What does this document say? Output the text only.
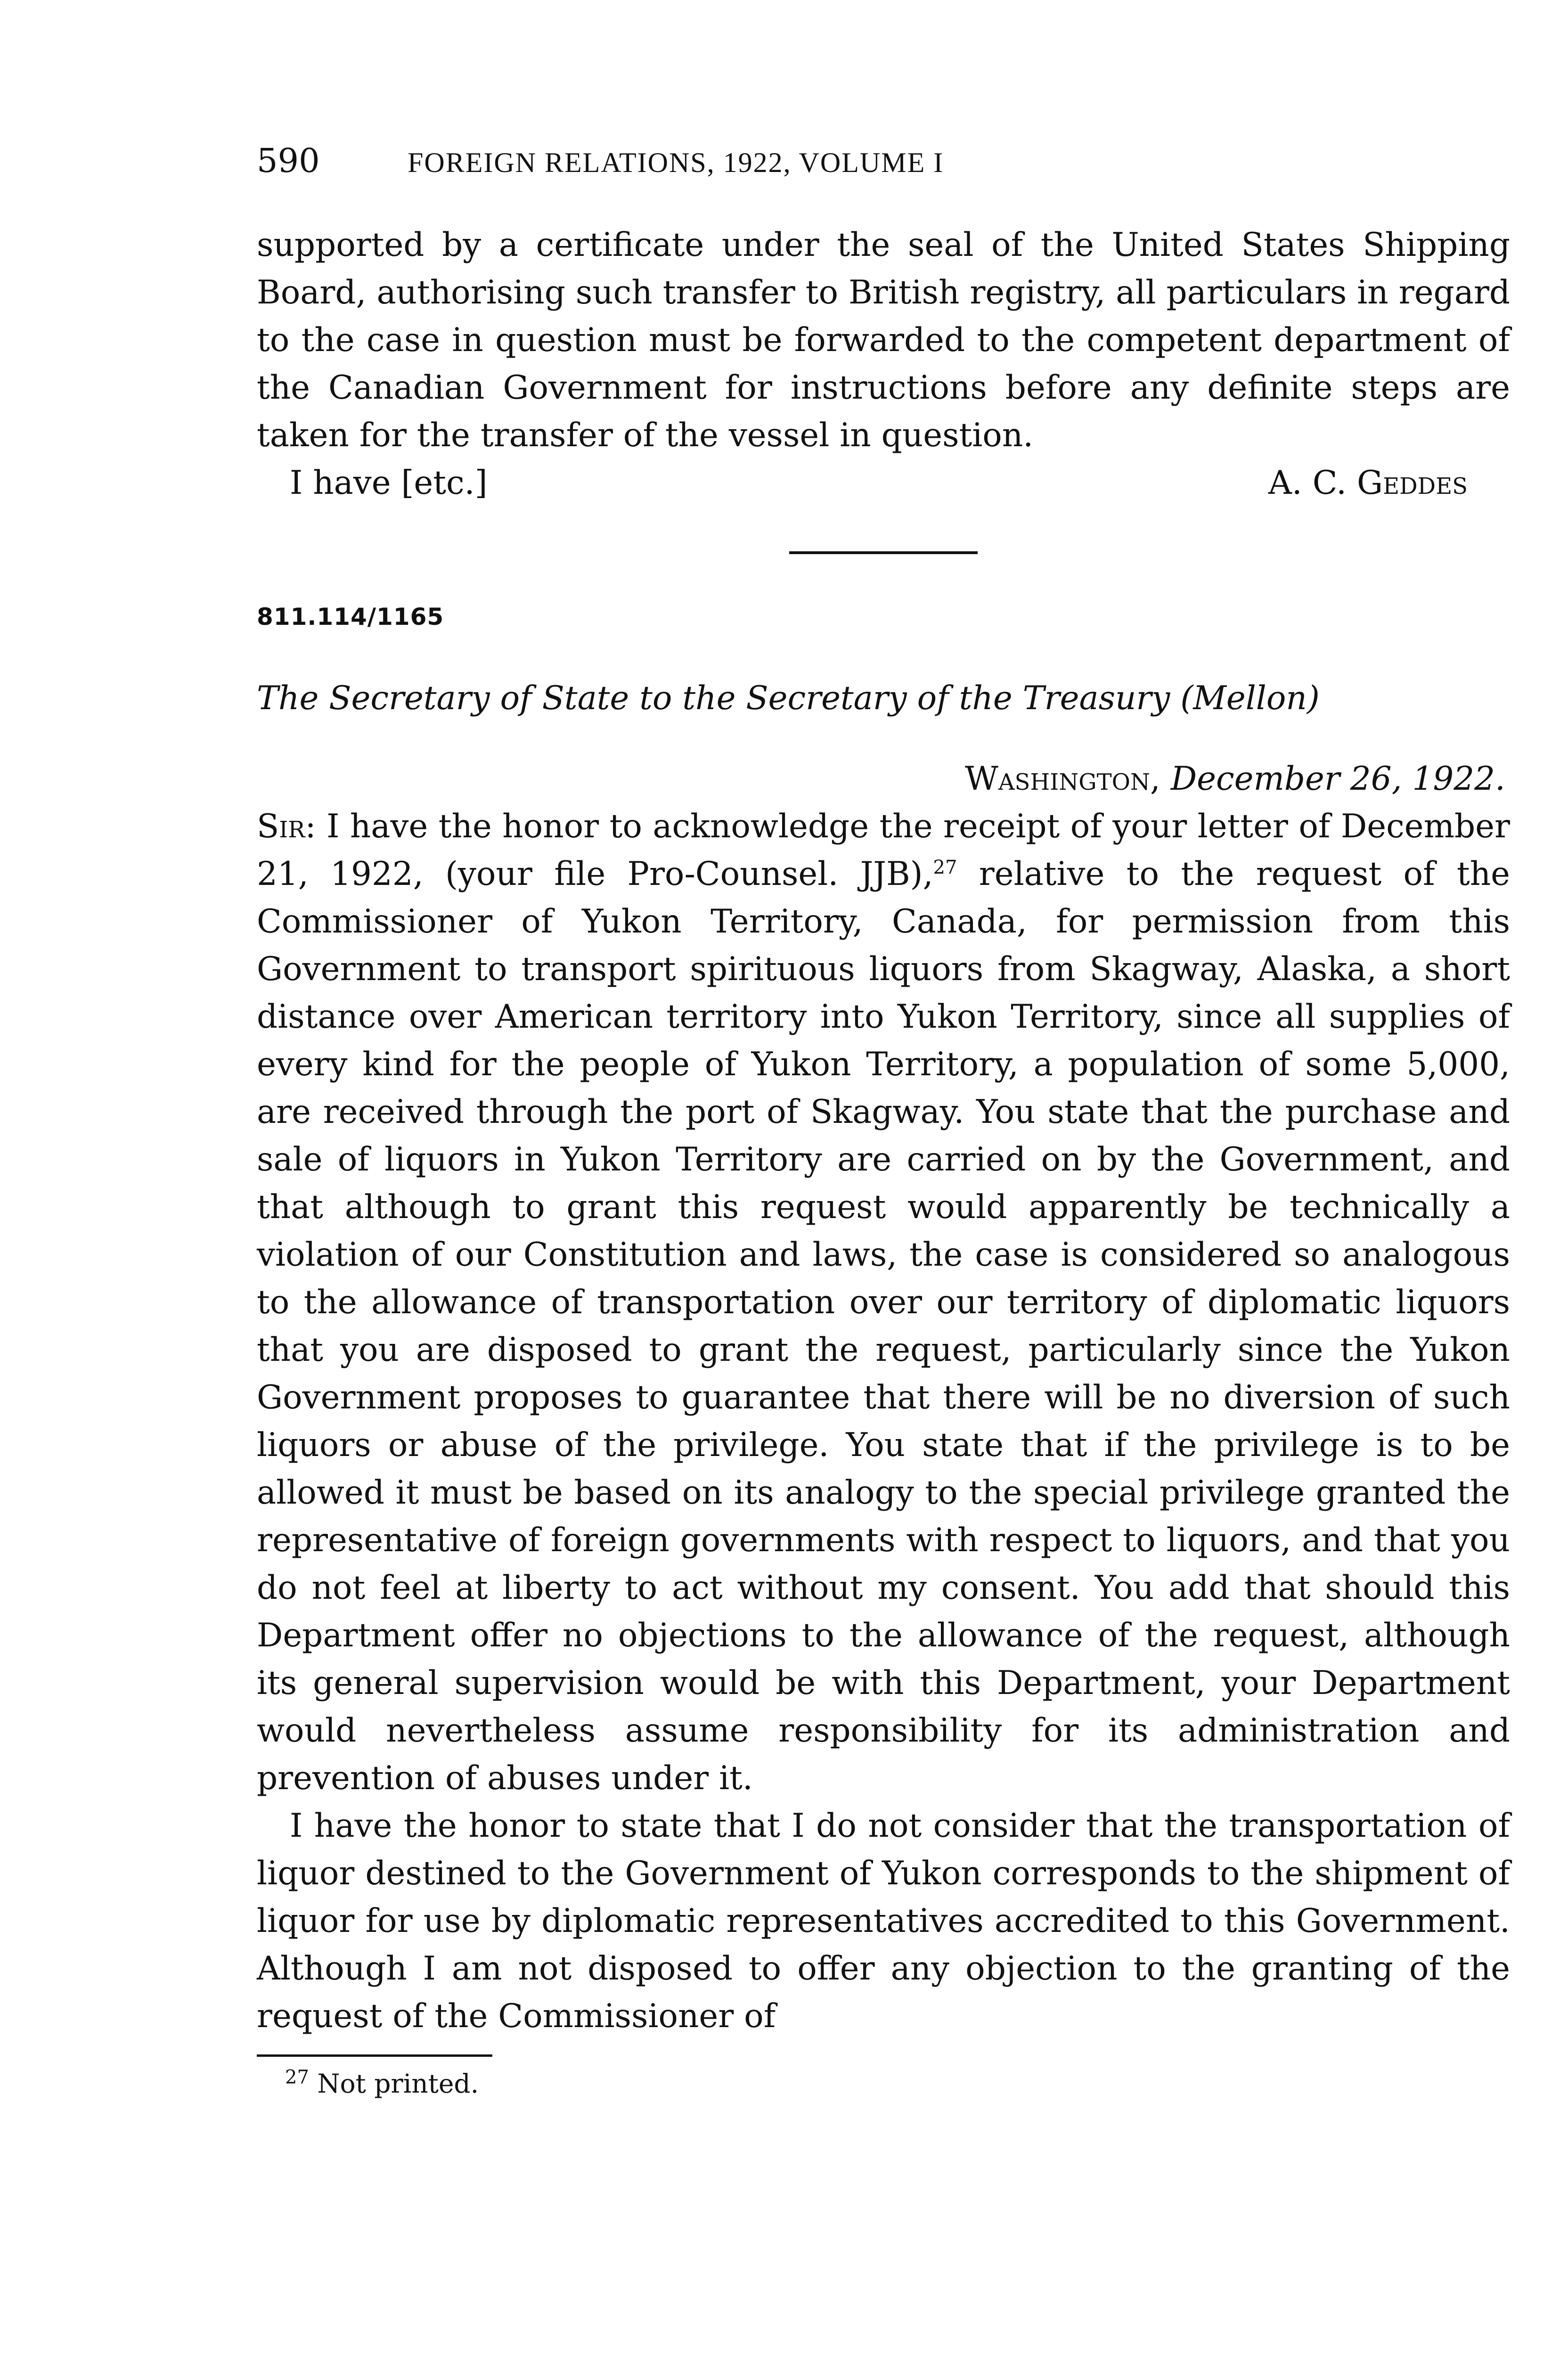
590	FOREIGN RELATIONS, 1922, VOLUME I

supported by a certificate under the seal of the United States Shipping Board, authorising such transfer to British registry, all particulars in regard to the case in question must be forwarded to the competent department of the Canadian Government for instructions before any definite steps are taken for the transfer of the vessel in question.

I have [etc.]	A. C. Geddes
811.114/1165
The Secretary of State to the Secretary of the Treasury (Mellon)
Washington, December 26, 1922.

Sir: I have the honor to acknowledge the receipt of your letter of December 21, 1922, (your file Pro-Counsel. JJB),$^{27}$ relative to the request of the Commissioner of Yukon Territory, Canada, for permission from this Government to transport spirituous liquors from Skagway, Alaska, a short distance over American territory into Yukon Territory, since all supplies of every kind for the people of Yukon Territory, a population of some 5,000, are received through the port of Skagway. You state that the purchase and sale of liquors in Yukon Territory are carried on by the Government, and that although to grant this request would apparently be technically a violation of our Constitution and laws, the case is considered so analogous to the allowance of transportation over our territory of diplomatic liquors that you are disposed to grant the request, particularly since the Yukon Government proposes to guarantee that there will be no diversion of such liquors or abuse of the privilege. You state that if the privilege is to be allowed it must be based on its analogy to the special privilege granted the representative of foreign governments with respect to liquors, and that you do not feel at liberty to act without my consent. You add that should this Department offer no objections to the allowance of the request, although its general supervision would be with this Department, your Department would nevertheless assume responsibility for its administration and prevention of abuses under it.

I have the honor to state that I do not consider that the transportation of liquor destined to the Government of Yukon corresponds to the shipment of liquor for use by diplomatic representatives accredited to this Government. Although I am not disposed to offer any objection to the granting of the request of the Commissioner of

$^{27}$ Not printed.
